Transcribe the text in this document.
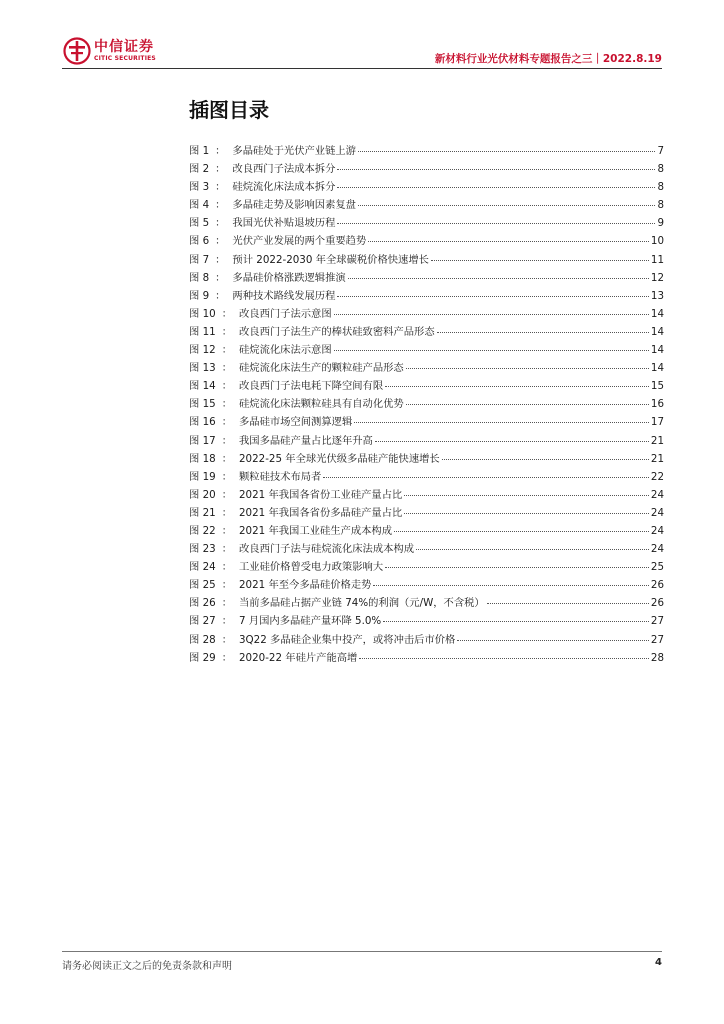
中信证券
CITIC SECURITIES	新材料行业光伏材料专题报告之三｜2022.8.19
插图目录
图 1 ： 多晶硅处于光伏产业链上游	7
图 2 ： 改良西门子法成本拆分	8
图 3 ： 硅烷流化床法成本拆分	8
图 4 ： 多晶硅走势及影响因素复盘	8
图 5 ： 我国光伏补贴退坡历程	9
图 6 ： 光伏产业发展的两个重要趋势	10
图 7 ： 预计 2022-2030 年全球碳税价格快速增长	11
图 8 ： 多晶硅价格涨跌逻辑推演	12
图 9 ： 两种技术路线发展历程	13
图 10 ： 改良西门子法示意图	14
图 11 ： 改良西门子法生产的棒状硅致密料产品形态	14
图 12 ： 硅烷流化床法示意图	14
图 13 ： 硅烷流化床法生产的颗粒硅产品形态	14
图 14 ： 改良西门子法电耗下降空间有限	15
图 15 ： 硅烷流化床法颗粒硅具有自动化优势	16
图 16 ： 多晶硅市场空间测算逻辑	17
图 17 ： 我国多晶硅产量占比逐年升高	21
图 18 ： 2022-25 年全球光伏级多晶硅产能快速增长	21
图 19 ： 颗粒硅技术布局者	22
图 20 ： 2021 年我国各省份工业硅产量占比	24
图 21 ： 2021 年我国各省份多晶硅产量占比	24
图 22 ： 2021 年我国工业硅生产成本构成	24
图 23 ： 改良西门子法与硅烷流化床法成本构成	24
图 24 ： 工业硅价格曾受电力政策影响大	25
图 25 ： 2021 年至今多晶硅价格走势	26
图 26 ： 当前多晶硅占据产业链 74%的利润（元/W，不含税）	26
图 27 ： 7 月国内多晶硅产量环降 5.0%	27
图 28 ： 3Q22 多晶硅企业集中投产，或将冲击后市价格	27
图 29 ： 2020-22 年硅片产能高增	28
请务必阅读正文之后的免责条款和声明	4
